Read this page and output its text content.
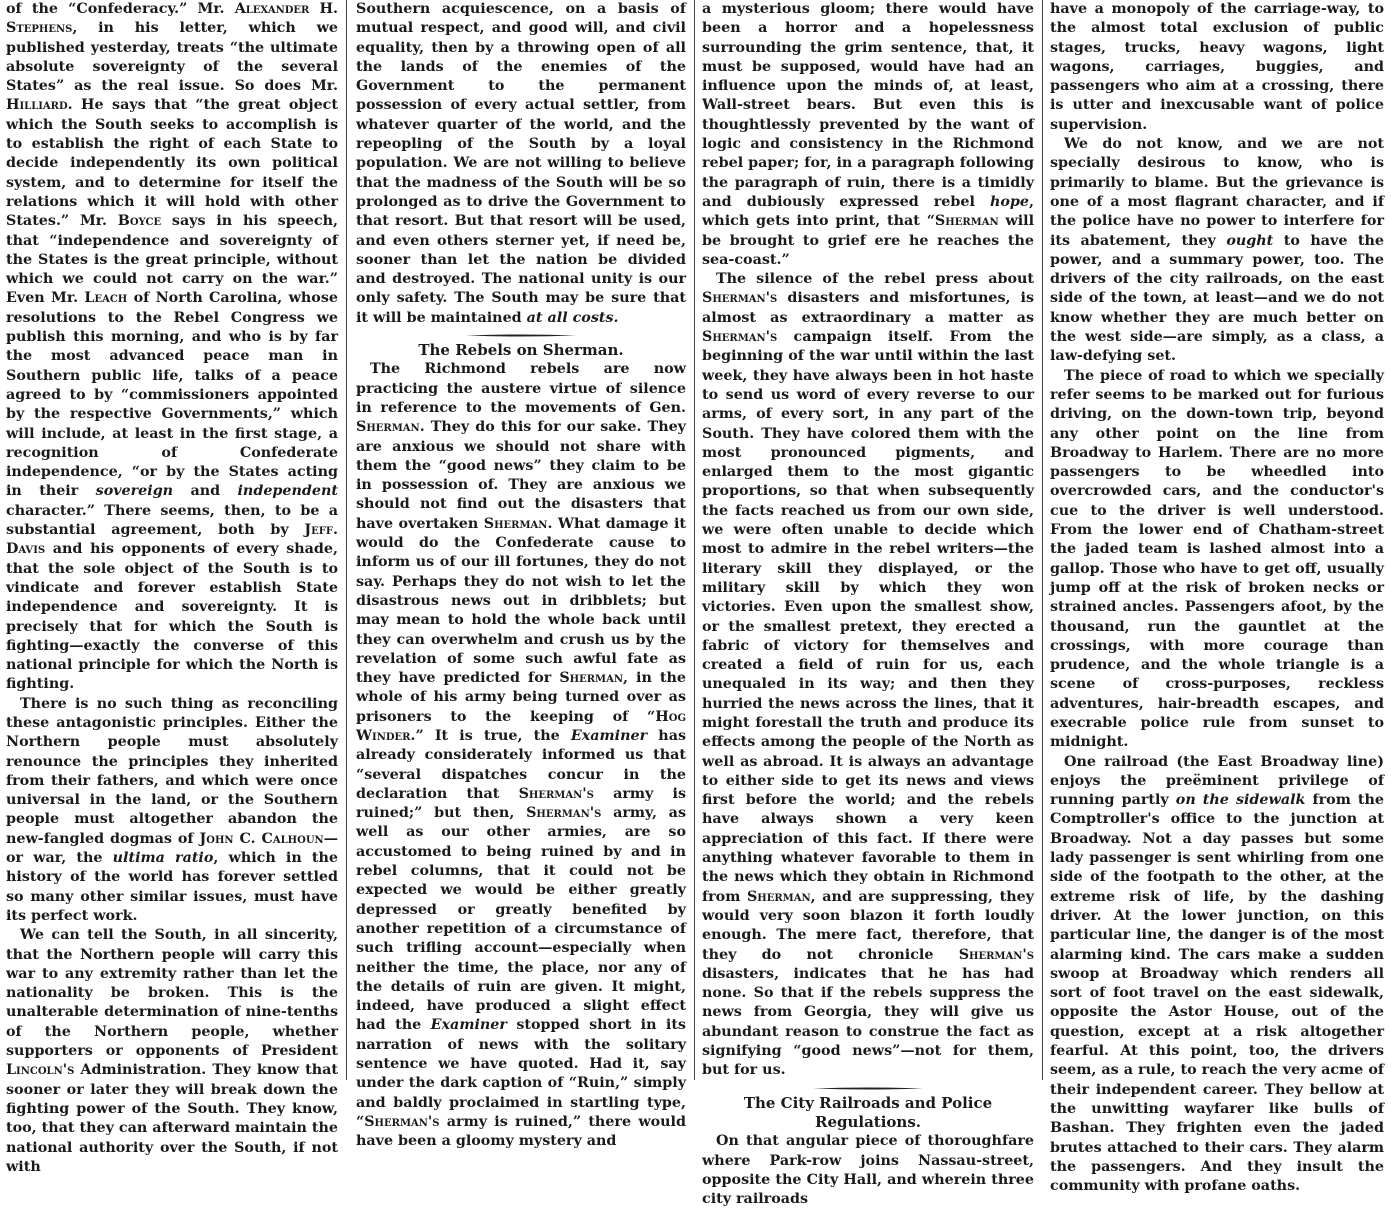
of the “Confederacy.” Mr. Alexander H. Stephens, in his letter, which we published yesterday, treats “the ultimate absolute sovereignty of the several States” as the real issue. So does Mr. Hilliard. He says that “the great object which the South seeks to accomplish is to establish the right of each State to decide independently its own political system, and to determine for itself the relations which it will hold with other States.” Mr. Boyce says in his speech, that “independence and sovereignty of the States is the great principle, without which we could not carry on the war.” Even Mr. Leach of North Carolina, whose resolutions to the Rebel Congress we publish this morning, and who is by far the most advanced peace man in Southern public life, talks of a peace agreed to by “commissioners appointed by the respective Governments,” which will include, at least in the first stage, a recognition of Confederate independence, “or by the States acting in their sovereign and independent character.” There seems, then, to be a substantial agreement, both by Jeff. Davis and his opponents of every shade, that the sole object of the South is to vindicate and forever establish State independence and sovereignty. It is precisely that for which the South is fighting—exactly the converse of this national principle for which the North is fighting.

There is no such thing as reconciling these antagonistic principles. Either the Northern people must absolutely renounce the principles they inherited from their fathers, and which were once universal in the land, or the Southern people must altogether abandon the new-fangled dogmas of John C. Calhoun—or war, the ultima ratio, which in the history of the world has forever settled so many other similar issues, must have its perfect work.

We can tell the South, in all sincerity, that the Northern people will carry this war to any extremity rather than let the nationality be broken. This is the unalterable determination of nine-tenths of the Northern people, whether supporters or opponents of President Lincoln's Administration. They know that sooner or later they will break down the fighting power of the South. They know, too, that they can afterward maintain the national authority over the South, if not with

Southern acquiescence, on a basis of mutual respect, and good will, and civil equality, then by a throwing open of all the lands of the enemies of the Government to the permanent possession of every actual settler, from whatever quarter of the world, and the repeopling of the South by a loyal population. We are not willing to believe that the madness of the South will be so prolonged as to drive the Government to that resort. But that resort will be used, and even others sterner yet, if need be, sooner than let the nation be divided and destroyed. The national unity is our only safety. The South may be sure that it will be maintained at all costs.

The Rebels on Sherman.

The Richmond rebels are now practicing the austere virtue of silence in reference to the movements of Gen. Sherman. They do this for our sake. They are anxious we should not share with them the “good news” they claim to be in possession of. They are anxious we should not find out the disasters that have overtaken Sherman. What damage it would do the Confederate cause to inform us of our ill fortunes, they do not say. Perhaps they do not wish to let the disastrous news out in dribblets; but may mean to hold the whole back until they can overwhelm and crush us by the revelation of some such awful fate as they have predicted for Sherman, in the whole of his army being turned over as prisoners to the keeping of “Hog Winder.” It is true, the Examiner has already considerately informed us that “several dispatches concur in the declaration that Sherman's army is ruined;” but then, Sherman's army, as well as our other armies, are so accustomed to being ruined by and in rebel columns, that it could not be expected we would be either greatly depressed or greatly benefited by another repetition of a circumstance of such trifling account—especially when neither the time, the place, nor any of the details of ruin are given. It might, indeed, have produced a slight effect had the Examiner stopped short in its narration of news with the solitary sentence we have quoted. Had it, say under the dark caption of “Ruin,” simply and baldly proclaimed in startling type, “Sherman's army is ruined,” there would have been a gloomy mystery and

a mysterious gloom; there would have been a horror and a hopelessness surrounding the grim sentence, that, it must be supposed, would have had an influence upon the minds of, at least, Wall-street bears. But even this is thoughtlessly prevented by the want of logic and consistency in the Richmond rebel paper; for, in a paragraph following the paragraph of ruin, there is a timidly and dubiously expressed rebel hope, which gets into print, that “Sherman will be brought to grief ere he reaches the sea-coast.”

The silence of the rebel press about Sherman's disasters and misfortunes, is almost as extraordinary a matter as Sherman's campaign itself. From the beginning of the war until within the last week, they have always been in hot haste to send us word of every reverse to our arms, of every sort, in any part of the South. They have colored them with the most pronounced pigments, and enlarged them to the most gigantic proportions, so that when subsequently the facts reached us from our own side, we were often unable to decide which most to admire in the rebel writers—the literary skill they displayed, or the military skill by which they won victories. Even upon the smallest show, or the smallest pretext, they erected a fabric of victory for themselves and created a field of ruin for us, each unequaled in its way; and then they hurried the news across the lines, that it might forestall the truth and produce its effects among the people of the North as well as abroad. It is always an advantage to either side to get its news and views first before the world; and the rebels have always shown a very keen appreciation of this fact. If there were anything whatever favorable to them in the news which they obtain in Richmond from Sherman, and are suppressing, they would very soon blazon it forth loudly enough. The mere fact, therefore, that they do not chronicle Sherman's disasters, indicates that he has had none. So that if the rebels suppress the news from Georgia, they will give us abundant reason to construe the fact as signifying “good news”—not for them, but for us.

The City Railroads and Police Regulations.

On that angular piece of thoroughfare where Park-row joins Nassau-street, opposite the City Hall, and wherein three city railroads

have a monopoly of the carriage-way, to the almost total exclusion of public stages, trucks, heavy wagons, light wagons, carriages, buggies, and passengers who aim at a crossing, there is utter and inexcusable want of police supervision.

We do not know, and we are not specially desirous to know, who is primarily to blame. But the grievance is one of a most flagrant character, and if the police have no power to interfere for its abatement, they ought to have the power, and a summary power, too. The drivers of the city railroads, on the east side of the town, at least—and we do not know whether they are much better on the west side—are simply, as a class, a law-defying set.

The piece of road to which we specially refer seems to be marked out for furious driving, on the down-town trip, beyond any other point on the line from Broadway to Harlem. There are no more passengers to be wheedled into overcrowded cars, and the conductor's cue to the driver is well understood. From the lower end of Chatham-street the jaded team is lashed almost into a gallop. Those who have to get off, usually jump off at the risk of broken necks or strained ancles. Passengers afoot, by the thousand, run the gauntlet at the crossings, with more courage than prudence, and the whole triangle is a scene of cross-purposes, reckless adventures, hair-breadth escapes, and execrable police rule from sunset to midnight.

One railroad (the East Broadway line) enjoys the preëminent privilege of running partly on the sidewalk from the Comptroller's office to the junction at Broadway. Not a day passes but some lady passenger is sent whirling from one side of the footpath to the other, at the extreme risk of life, by the dashing driver. At the lower junction, on this particular line, the danger is of the most alarming kind. The cars make a sudden swoop at Broadway which renders all sort of foot travel on the east sidewalk, opposite the Astor House, out of the question, except at a risk altogether fearful. At this point, too, the drivers seem, as a rule, to reach the very acme of their independent career. They bellow at the unwitting wayfarer like bulls of Bashan. They frighten even the jaded brutes attached to their cars. They alarm the passengers. And they insult the community with profane oaths.
